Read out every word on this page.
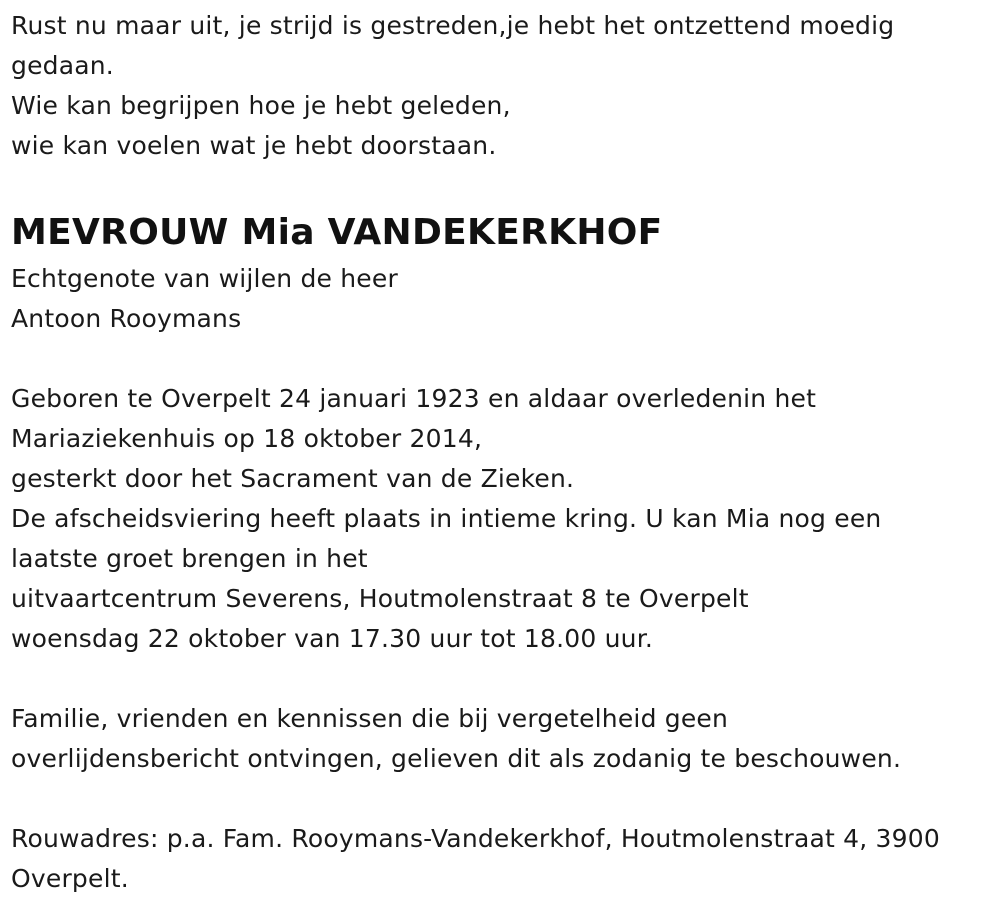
Rust nu maar uit, je strijd is gestreden,je hebt het ontzettend moedig
gedaan.
Wie kan begrijpen hoe je hebt geleden,
wie kan voelen wat je hebt doorstaan.
MEVROUW Mia VANDEKERKHOF
Echtgenote van wijlen de heer
Antoon Rooymans
Geboren te Overpelt 24 januari 1923 en aldaar overledenin het
Mariaziekenhuis op 18 oktober 2014,
gesterkt door het Sacrament van de Zieken.
De afscheidsviering heeft plaats in intieme kring. U kan Mia nog een
laatste groet brengen in het
uitvaartcentrum Severens, Houtmolenstraat 8 te Overpelt
woensdag 22 oktober van 17.30 uur tot 18.00 uur.
Familie, vrienden en kennissen die bij vergetelheid geen
overlijdensbericht ontvingen, gelieven dit als zodanig te beschouwen.
Rouwadres: p.a. Fam. Rooymans-Vandekerkhof, Houtmolenstraat 4, 3900
Overpelt.
